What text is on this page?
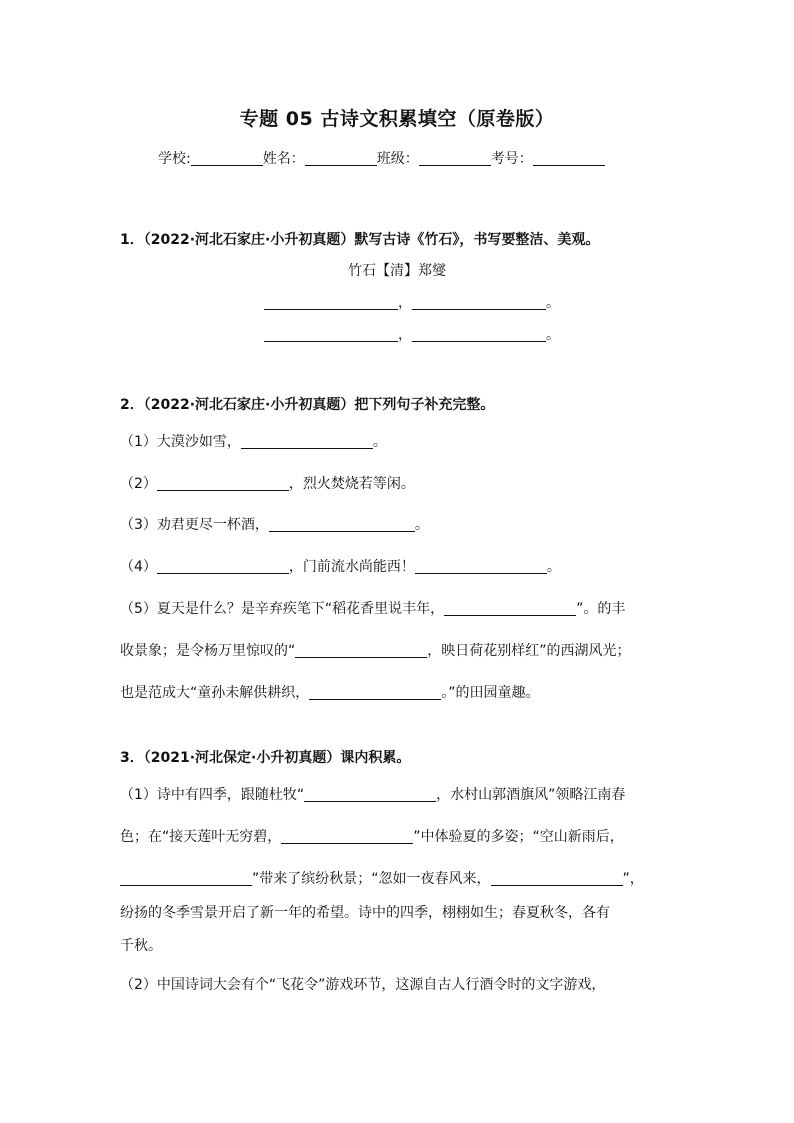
专题 05 古诗文积累填空（原卷版）
学校:	姓名：	班级：	考号：
1．（2022·河北石家庄·小升初真题）默写古诗《竹石》，书写要整洁、美观。
竹石【清】郑燮
，	。
，	。
2．（2022·河北石家庄·小升初真题）把下列句子补充完整。
（1）大漠沙如雪，	。
（2）	，烈火焚烧若等闲。
（3）劝君更尽一杯酒，	。
（4）	，门前流水尚能西！	。
（5）夏天是什么？是辛弃疾笔下“稻花香里说丰年，	”。的丰
收景象；是令杨万里惊叹的“	，映日荷花别样红”的西湖风光；
也是范成大“童孙未解供耕织，	。”的田园童趣。
3．（2021·河北保定·小升初真题）课内积累。
（1）诗中有四季，跟随杜牧“	，水村山郭酒旗风”领略江南春
色；在“接天莲叶无穷碧，	”中体验夏的多姿；“空山新雨后，
”带来了缤纷秋景；“忽如一夜春风来，	”，
纷扬的冬季雪景开启了新一年的希望。诗中的四季，栩栩如生；春夏秋冬，各有
千秋。
（2）中国诗词大会有个“飞花令”游戏环节，这源自古人行酒令时的文字游戏，
